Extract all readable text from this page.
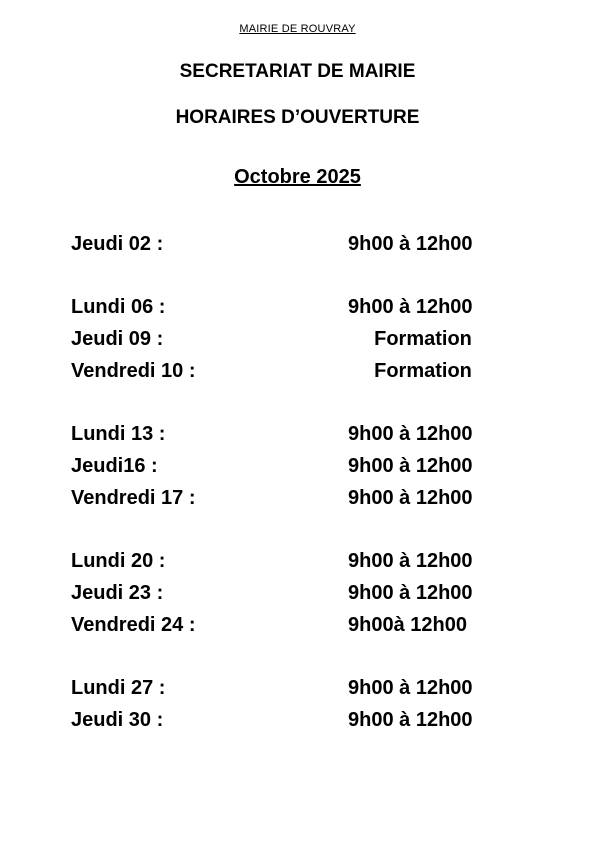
MAIRIE DE ROUVRAY
SECRETARIAT DE MAIRIE
HORAIRES D’OUVERTURE
Octobre 2025
Jeudi 02 :	9h00 à 12h00
Lundi 06 :	9h00 à 12h00
Jeudi 09 :	Formation
Vendredi 10 :	Formation
Lundi 13 :	9h00 à 12h00
Jeudi16 :	9h00 à 12h00
Vendredi 17 :	9h00 à 12h00
Lundi 20 :	9h00 à 12h00
Jeudi 23 :	9h00 à 12h00
Vendredi 24 :	9h00à 12h00
Lundi 27 :	9h00 à 12h00
Jeudi 30 :	9h00 à 12h00
